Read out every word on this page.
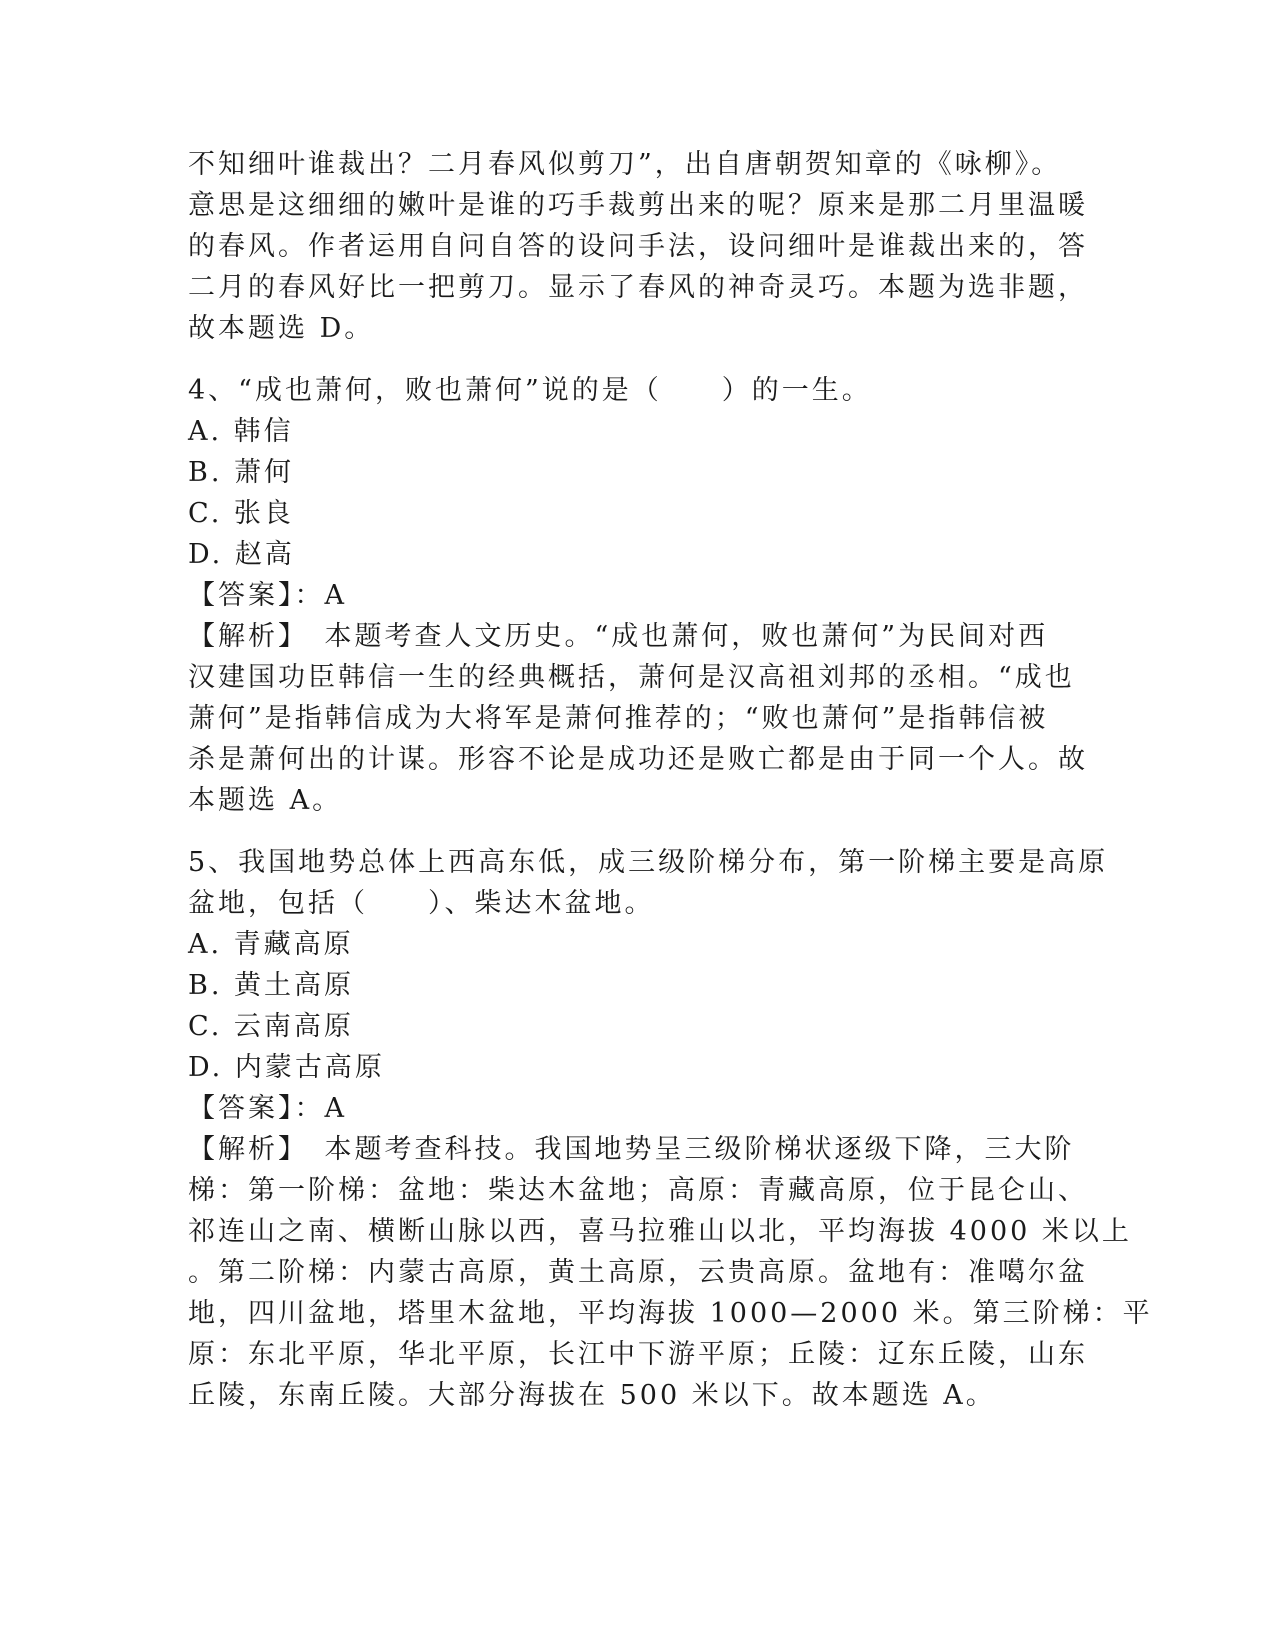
不知细叶谁裁出？二月春风似剪刀”，出自唐朝贺知章的《咏柳》。
意思是这细细的嫩叶是谁的巧手裁剪出来的呢？原来是那二月里温暖
的春风。作者运用自问自答的设问手法，设问细叶是谁裁出来的，答
二月的春风好比一把剪刀。显示了春风的神奇灵巧。本题为选非题，
故本题选 D。
4、“成也萧何，败也萧何”说的是（　　）的一生。
A. 韩信
B. 萧何
C. 张良
D. 赵高
【答案】：A
【解析】　本题考查人文历史。“成也萧何，败也萧何”为民间对西
汉建国功臣韩信一生的经典概括，萧何是汉高祖刘邦的丞相。“成也
萧何”是指韩信成为大将军是萧何推荐的；“败也萧何”是指韩信被
杀是萧何出的计谋。形容不论是成功还是败亡都是由于同一个人。故
本题选 A。
5、我国地势总体上西高东低，成三级阶梯分布，第一阶梯主要是高原
盆地，包括（　　）、柴达木盆地。
A. 青藏高原
B. 黄土高原
C. 云南高原
D. 内蒙古高原
【答案】：A
【解析】　本题考查科技。我国地势呈三级阶梯状逐级下降，三大阶
梯：第一阶梯：盆地：柴达木盆地；高原：青藏高原，位于昆仑山、
祁连山之南、横断山脉以西，喜马拉雅山以北，平均海拔 4000 米以上
。第二阶梯：内蒙古高原，黄土高原，云贵高原。盆地有：准噶尔盆
地，四川盆地，塔里木盆地，平均海拔 1000—2000 米。第三阶梯：平
原：东北平原，华北平原，长江中下游平原；丘陵：辽东丘陵，山东
丘陵，东南丘陵。大部分海拔在 500 米以下。故本题选 A。
